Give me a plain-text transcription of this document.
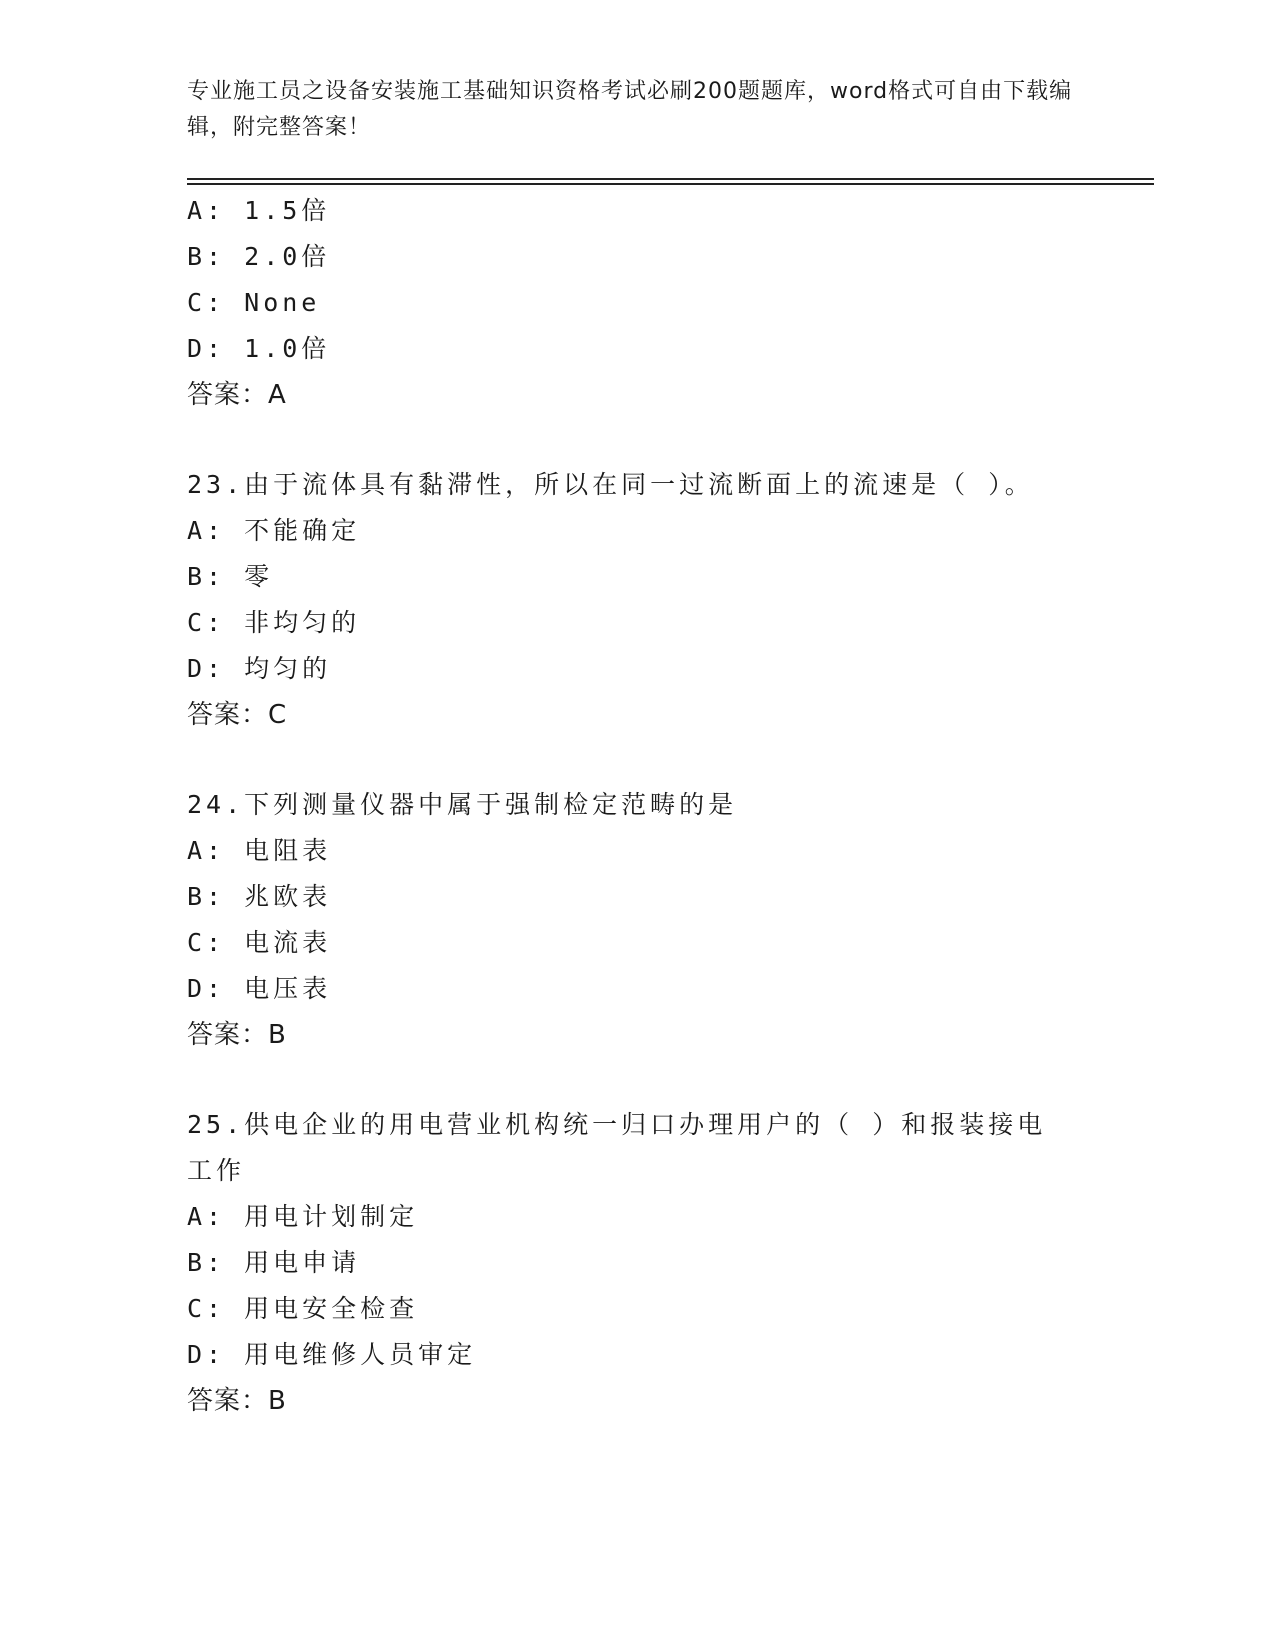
专业施工员之设备安装施工基础知识资格考试必刷200题题库，word格式可自由下载编辑，附完整答案！
A: 1.5倍
B: 2.0倍
C: None
D: 1.0倍
答案：A
23.由于流体具有黏滞性，所以在同一过流断面上的流速是（ ）。
A: 不能确定
B: 零
C: 非均匀的
D: 均匀的
答案：C
24.下列测量仪器中属于强制检定范畴的是
A: 电阻表
B: 兆欧表
C: 电流表
D: 电压表
答案：B
25.供电企业的用电营业机构统一归口办理用户的（ ）和报装接电工作
A: 用电计划制定
B: 用电申请
C: 用电安全检查
D: 用电维修人员审定
答案：B
